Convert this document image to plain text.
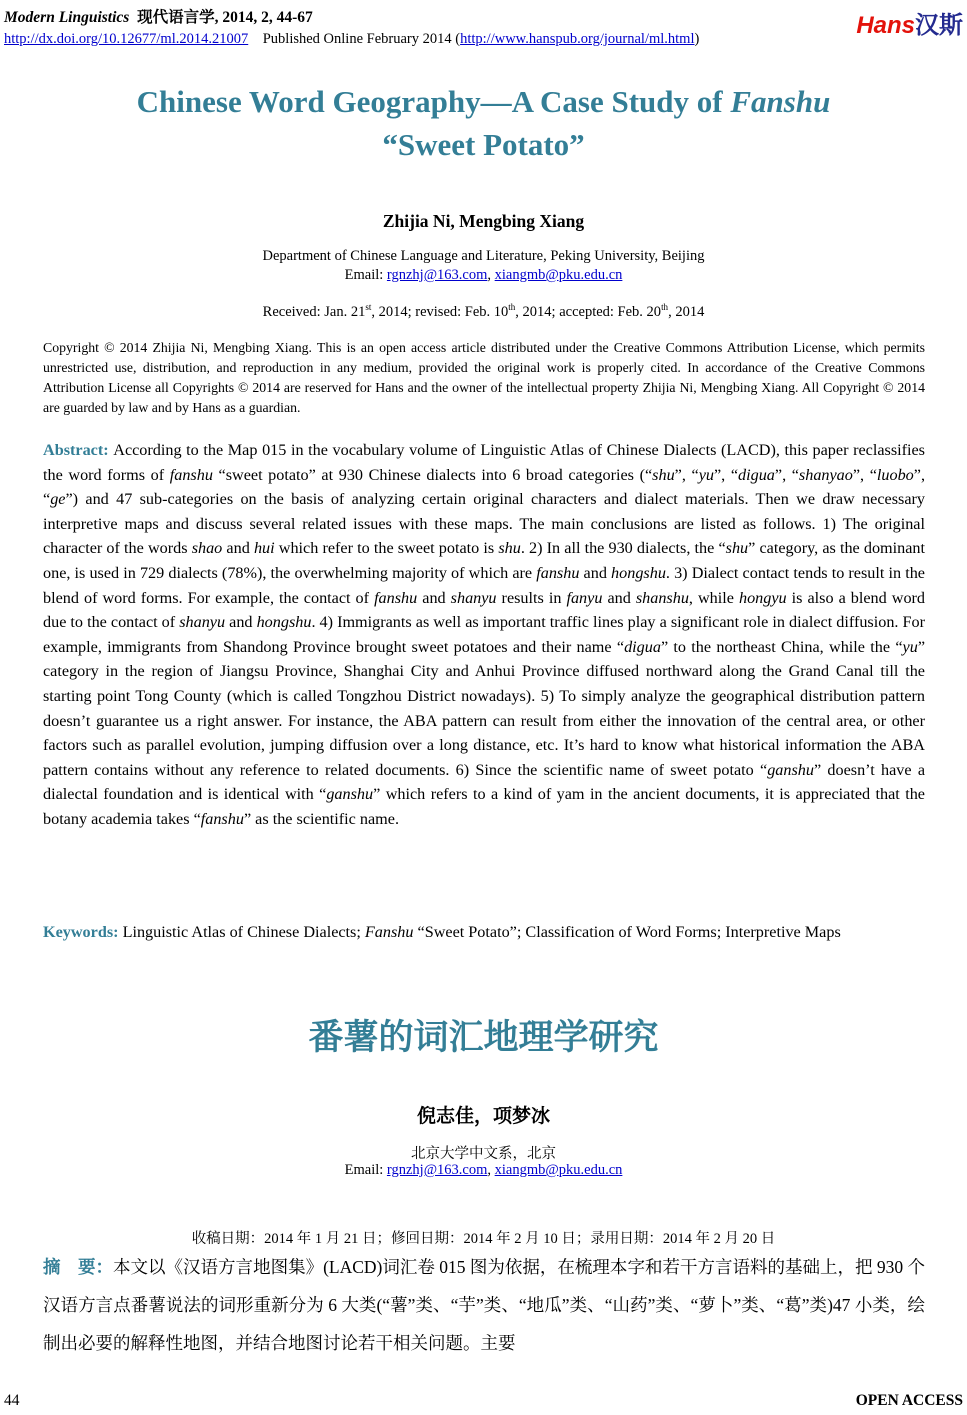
Modern Linguistics  现代语言学, 2014, 2, 44-67
http://dx.doi.org/10.12677/ml.2014.21007    Published Online February 2014 (http://www.hanspub.org/journal/ml.html)	Hans汉斯
Chinese Word Geography—A Case Study of Fanshu
“Sweet Potato”
Zhijia Ni, Mengbing Xiang
Department of Chinese Language and Literature, Peking University, Beijing
Email: rgnzhj@163.com, xiangmb@pku.edu.cn
Received: Jan. 21st, 2014; revised: Feb. 10th, 2014; accepted: Feb. 20th, 2014

Copyright © 2014 Zhijia Ni, Mengbing Xiang. This is an open access article distributed under the Creative Commons Attribution License, which permits unrestricted use, distribution, and reproduction in any medium, provided the original work is properly cited. In accordance of the Creative Commons Attribution License all Copyrights © 2014 are reserved for Hans and the owner of the intellectual property Zhijia Ni, Mengbing Xiang. All Copyright © 2014 are guarded by law and by Hans as a guardian.

Abstract: According to the Map 015 in the vocabulary volume of Linguistic Atlas of Chinese Dialects (LACD), this paper reclassifies the word forms of fanshu “sweet potato” at 930 Chinese dialects into 6 broad categories (“shu”, “yu”, “digua”, “shanyao”, “luobo”, “ge”) and 47 sub-categories on the basis of analyzing certain original characters and dialect materials. Then we draw necessary interpretive maps and discuss several related issues with these maps. The main conclusions are listed as follows. 1) The original character of the words shao and hui which refer to the sweet potato is shu. 2) In all the 930 dialects, the “shu” category, as the dominant one, is used in 729 dialects (78%), the overwhelming majority of which are fanshu and hongshu. 3) Dialect contact tends to result in the blend of word forms. For example, the contact of fanshu and shanyu results in fanyu and shanshu, while hongyu is also a blend word due to the contact of shanyu and hongshu. 4) Immigrants as well as important traffic lines play a significant role in dialect diffusion. For example, immigrants from Shandong Province brought sweet potatoes and their name “digua” to the northeast China, while the “yu” category in the region of Jiangsu Province, Shanghai City and Anhui Province diffused northward along the Grand Canal till the starting point Tong County (which is called Tongzhou District nowadays). 5) To simply analyze the geographical distribution pattern doesn’t guarantee us a right answer. For instance, the ABA pattern can result from either the innovation of the central area, or other factors such as parallel evolution, jumping diffusion over a long distance, etc. It’s hard to know what historical information the ABA pattern contains without any reference to related documents. 6) Since the scientific name of sweet potato “ganshu” doesn’t have a dialectal foundation and is identical with “ganshu” which refers to a kind of yam in the ancient documents, it is appreciated that the botany academia takes “fanshu” as the scientific name.

Keywords: Linguistic Atlas of Chinese Dialects; Fanshu “Sweet Potato”; Classification of Word Forms; Interpretive Maps

番薯的词汇地理学研究
倪志佳，项梦冰
北京大学中文系，北京
Email: rgnzhj@163.com, xiangmb@pku.edu.cn
收稿日期：2014 年 1 月 21 日；修回日期：2014 年 2 月 10 日；录用日期：2014 年 2 月 20 日

摘　要：本文以《汉语方言地图集》(LACD)词汇卷 015 图为依据，在梳理本字和若干方言语料的基础上，把 930 个汉语方言点番薯说法的词形重新分为 6 大类(“薯”类、“芋”类、“地瓜”类、“山药”类、“萝卜”类、“葛”类)47 小类，绘制出必要的解释性地图，并结合地图讨论若干相关问题。主要

44	OPEN ACCESS
